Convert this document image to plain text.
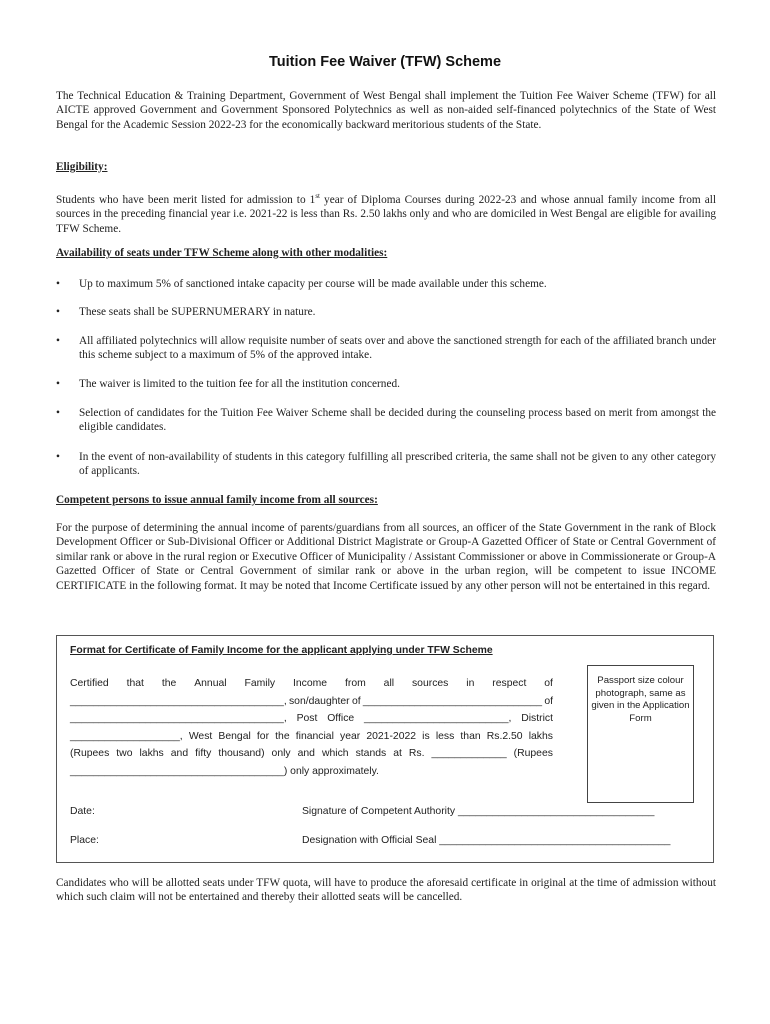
Tuition Fee Waiver (TFW) Scheme
The Technical Education & Training Department, Government of West Bengal shall implement the Tuition Fee Waiver Scheme (TFW) for all AICTE approved Government and Government Sponsored Polytechnics as well as non-aided self-financed polytechnics of the State of West Bengal for the Academic Session 2022-23 for the economically backward meritorious students of the State.
Eligibility:
Students who have been merit listed for admission to 1st year of Diploma Courses during 2022-23 and whose annual family income from all sources in the preceding financial year i.e. 2021-22 is less than Rs. 2.50 lakhs only and who are domiciled in West Bengal are eligible for availing TFW Scheme.
Availability of seats under TFW Scheme along with other modalities:
•	Up to maximum 5% of sanctioned intake capacity per course will be made available under this scheme.
•	These seats shall be SUPERNUMERARY in nature.
•	All affiliated polytechnics will allow requisite number of seats over and above the sanctioned strength for each of the affiliated branch under this scheme subject to a maximum of 5% of the approved intake.
•	The waiver is limited to the tuition fee for all the institution concerned.
•	Selection of candidates for the Tuition Fee Waiver Scheme shall be decided during the counseling process based on merit from amongst the eligible candidates.
•	In the event of non-availability of students in this category fulfilling all prescribed criteria, the same shall not be given to any other category of applicants.
Competent persons to issue annual family income from all sources:
For the purpose of determining the annual income of parents/guardians from all sources, an officer of the State Government in the rank of Block Development Officer or Sub-Divisional Officer or Additional District Magistrate or Group-A Gazetted Officer of State or Central Government of similar rank or above in the rural region or Executive Officer of Municipality / Assistant Commissioner or above in Commissionerate or Group-A Gazetted Officer of State or Central Government of similar rank or above in the urban region, will be competent to issue INCOME CERTIFICATE in the following format. It may be noted that Income Certificate issued by any other person will not be entertained in this regard.
Format for Certificate of Family Income for the applicant applying under TFW Scheme
Certified that the Annual Family Income from all sources in respect of
_____________________________________, son/daughter of _______________________________ of
_____________________________________, Post Office _________________________, District
___________________, West Bengal for the financial year 2021-2022 is less than Rs.2.50 lakhs
(Rupees two lakhs and fifty thousand) only and which stands at Rs. _____________ (Rupees
_____________________________________) only approximately.
Passport size colour photograph, same as given in the Application Form
Date:	Signature of Competent Authority __________________________________
Place:	Designation with Official Seal ________________________________________
Candidates who will be allotted seats under TFW quota, will have to produce the aforesaid certificate in original at the time of admission without which such claim will not be entertained and thereby their allotted seats will be cancelled.
